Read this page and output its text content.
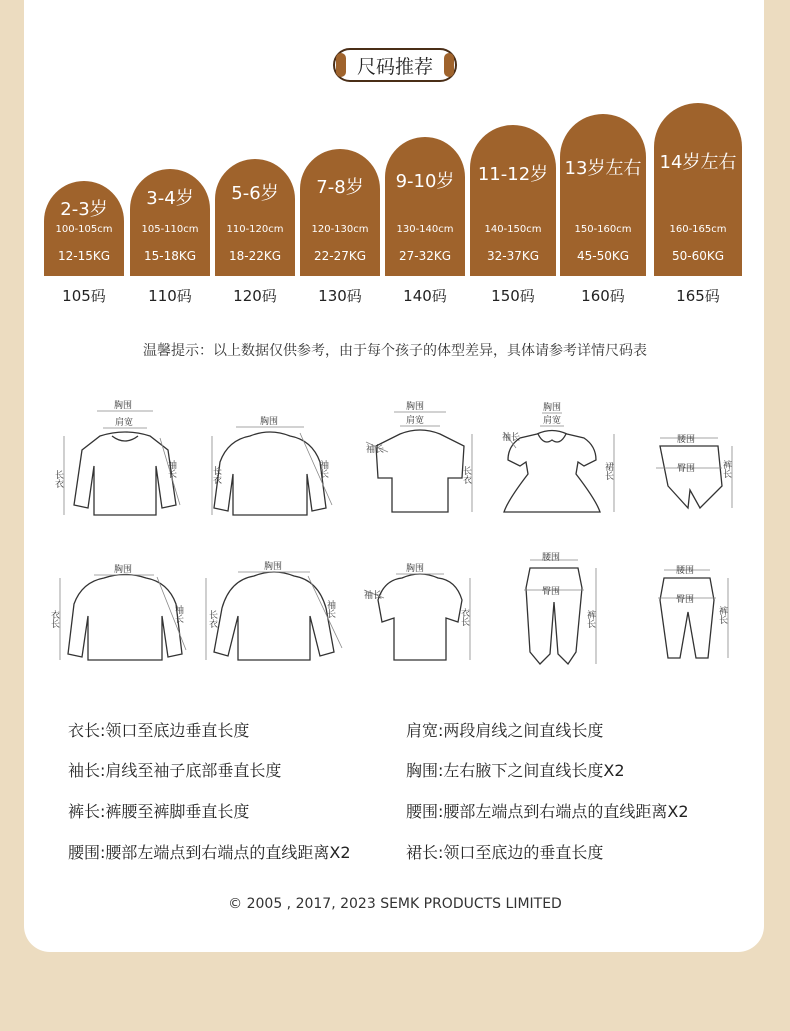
尺码推荐
2-3岁
100-105cm
12-15KG
105码
3-4岁
105-110cm
15-18KG
110码
5-6岁
110-120cm
18-22KG
120码
7-8岁
120-130cm
22-27KG
130码
9-10岁
130-140cm
27-32KG
140码
11-12岁
140-150cm
32-37KG
150码
13岁左右
150-160cm
45-50KG
160码
14岁左右
160-165cm
50-60KG
165码
温馨提示：以上数据仅供参考，由于每个孩子的体型差异，具体请参考详情尺码表
胸围
肩宽
长衣
袖长
胸围
长衣	袖长
胸围
肩宽
袖长
长衣
胸围
肩宽
袖长
裙长
腰围
臀围	裤长
胸围
衣长	袖长
胸围
长衣
袖长
胸围
袖长
衣长
腰围
臀围
裤长
腰围
臀围
裤长
衣长:领口至底边垂直长度	肩宽:两段肩线之间直线长度
袖长:肩线至袖子底部垂直长度	胸围:左右腋下之间直线长度X2
裤长:裤腰至裤脚垂直长度	腰围:腰部左端点到右端点的直线距离X2
腰围:腰部左端点到右端点的直线距离X2	裙长:领口至底边的垂直长度
© 2005 , 2017, 2023 SEMK PRODUCTS LIMITED
